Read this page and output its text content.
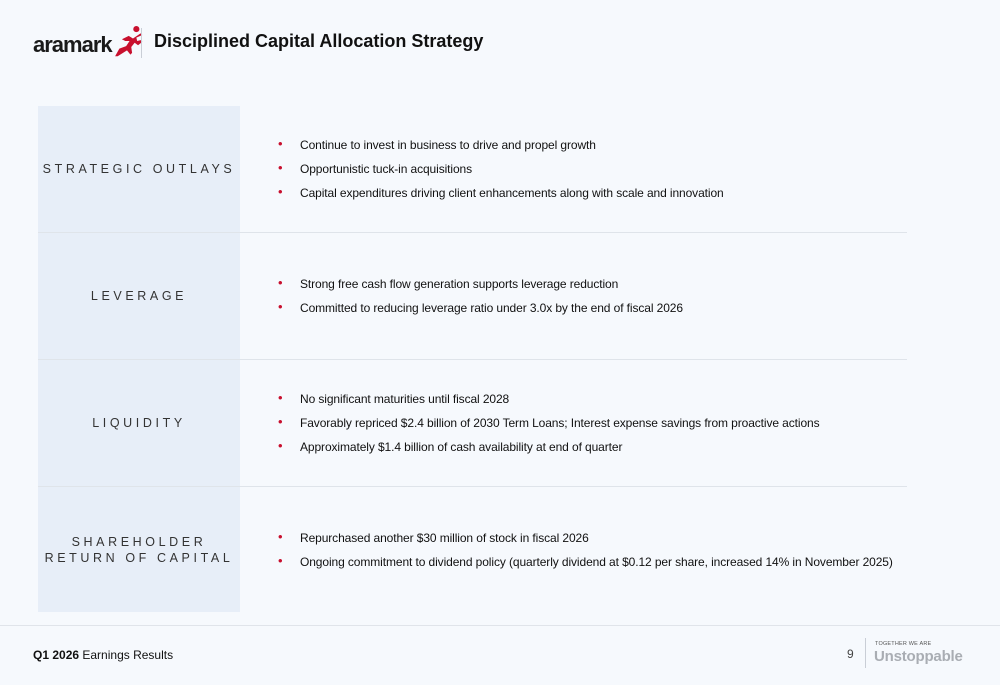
aramark Disciplined Capital Allocation Strategy
STRATEGIC OUTLAYS
• Continue to invest in business to drive and propel growth
• Opportunistic tuck-in acquisitions
• Capital expenditures driving client enhancements along with scale and innovation
LEVERAGE
• Strong free cash flow generation supports leverage reduction
• Committed to reducing leverage ratio under 3.0x by the end of fiscal 2026
LIQUIDITY
• No significant maturities until fiscal 2028
• Favorably repriced $2.4 billion of 2030 Term Loans; Interest expense savings from proactive actions
• Approximately $1.4 billion of cash availability at end of quarter
SHAREHOLDER
RETURN OF CAPITAL
• Repurchased another $30 million of stock in fiscal 2026
• Ongoing commitment to dividend policy (quarterly dividend at $0.12 per share, increased 14% in November 2025)
Q1 2026 Earnings Results	9
TOGETHER WE ARE
Unstoppable
